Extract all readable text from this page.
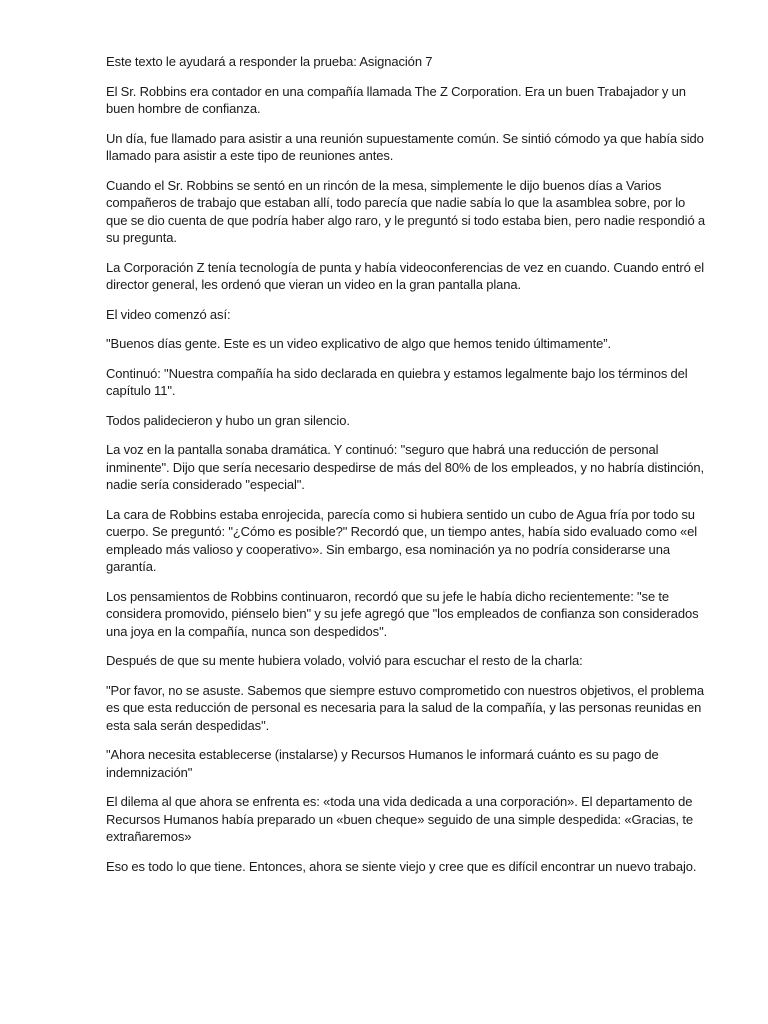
Este texto le ayudará a responder la prueba: Asignación 7

El Sr. Robbins era contador en una compañía llamada The Z Corporation. Era un buen Trabajador y un buen hombre de confianza.

Un día, fue llamado para asistir a una reunión supuestamente común. Se sintió cómodo ya que había sido llamado para asistir a este tipo de reuniones antes.

Cuando el Sr. Robbins se sentó en un rincón de la mesa, simplemente le dijo buenos días a Varios compañeros de trabajo que estaban allí, todo parecía que nadie sabía lo que la asamblea sobre, por lo que se dio cuenta de que podría haber algo raro, y le preguntó si todo estaba bien, pero nadie respondió a su pregunta.

La Corporación Z tenía tecnología de punta y había videoconferencias de vez en cuando. Cuando entró el director general, les ordenó que vieran un video en la gran pantalla plana.

El video comenzó así:

"Buenos días gente. Este es un video explicativo de algo que hemos tenido últimamente”.

Continuó: "Nuestra compañía ha sido declarada en quiebra y estamos legalmente bajo los términos del capítulo 11".

Todos palidecieron y hubo un gran silencio.

La voz en la pantalla sonaba dramática. Y continuó: "seguro que habrá una reducción de personal inminente". Dijo que sería necesario despedirse de más del 80% de los empleados, y no habría distinción, nadie sería considerado "especial".

La cara de Robbins estaba enrojecida, parecía como si hubiera sentido un cubo de Agua fría por todo su cuerpo. Se preguntó: "¿Cómo es posible?" Recordó que, un tiempo antes, había sido evaluado como «el empleado más valioso y cooperativo». Sin embargo, esa nominación ya no podría considerarse una garantía.

Los pensamientos de Robbins continuaron, recordó que su jefe le había dicho recientemente: "se te considera promovido, piénselo bien" y su jefe agregó que "los empleados de confianza son considerados una joya en la compañía, nunca son despedidos".

Después de que su mente hubiera volado, volvió para escuchar el resto de la charla:

"Por favor, no se asuste. Sabemos que siempre estuvo comprometido con nuestros objetivos, el problema es que esta reducción de personal es necesaria para la salud de la compañía, y las personas reunidas en esta sala serán despedidas".

"Ahora necesita establecerse (instalarse) y Recursos Humanos le informará cuánto es su pago de indemnización"

El dilema al que ahora se enfrenta es: «toda una vida dedicada a una corporación». El departamento de Recursos Humanos había preparado un «buen cheque» seguido de una simple despedida: «Gracias, te extrañaremos»

Eso es todo lo que tiene. Entonces, ahora se siente viejo y cree que es difícil encontrar un nuevo trabajo.
